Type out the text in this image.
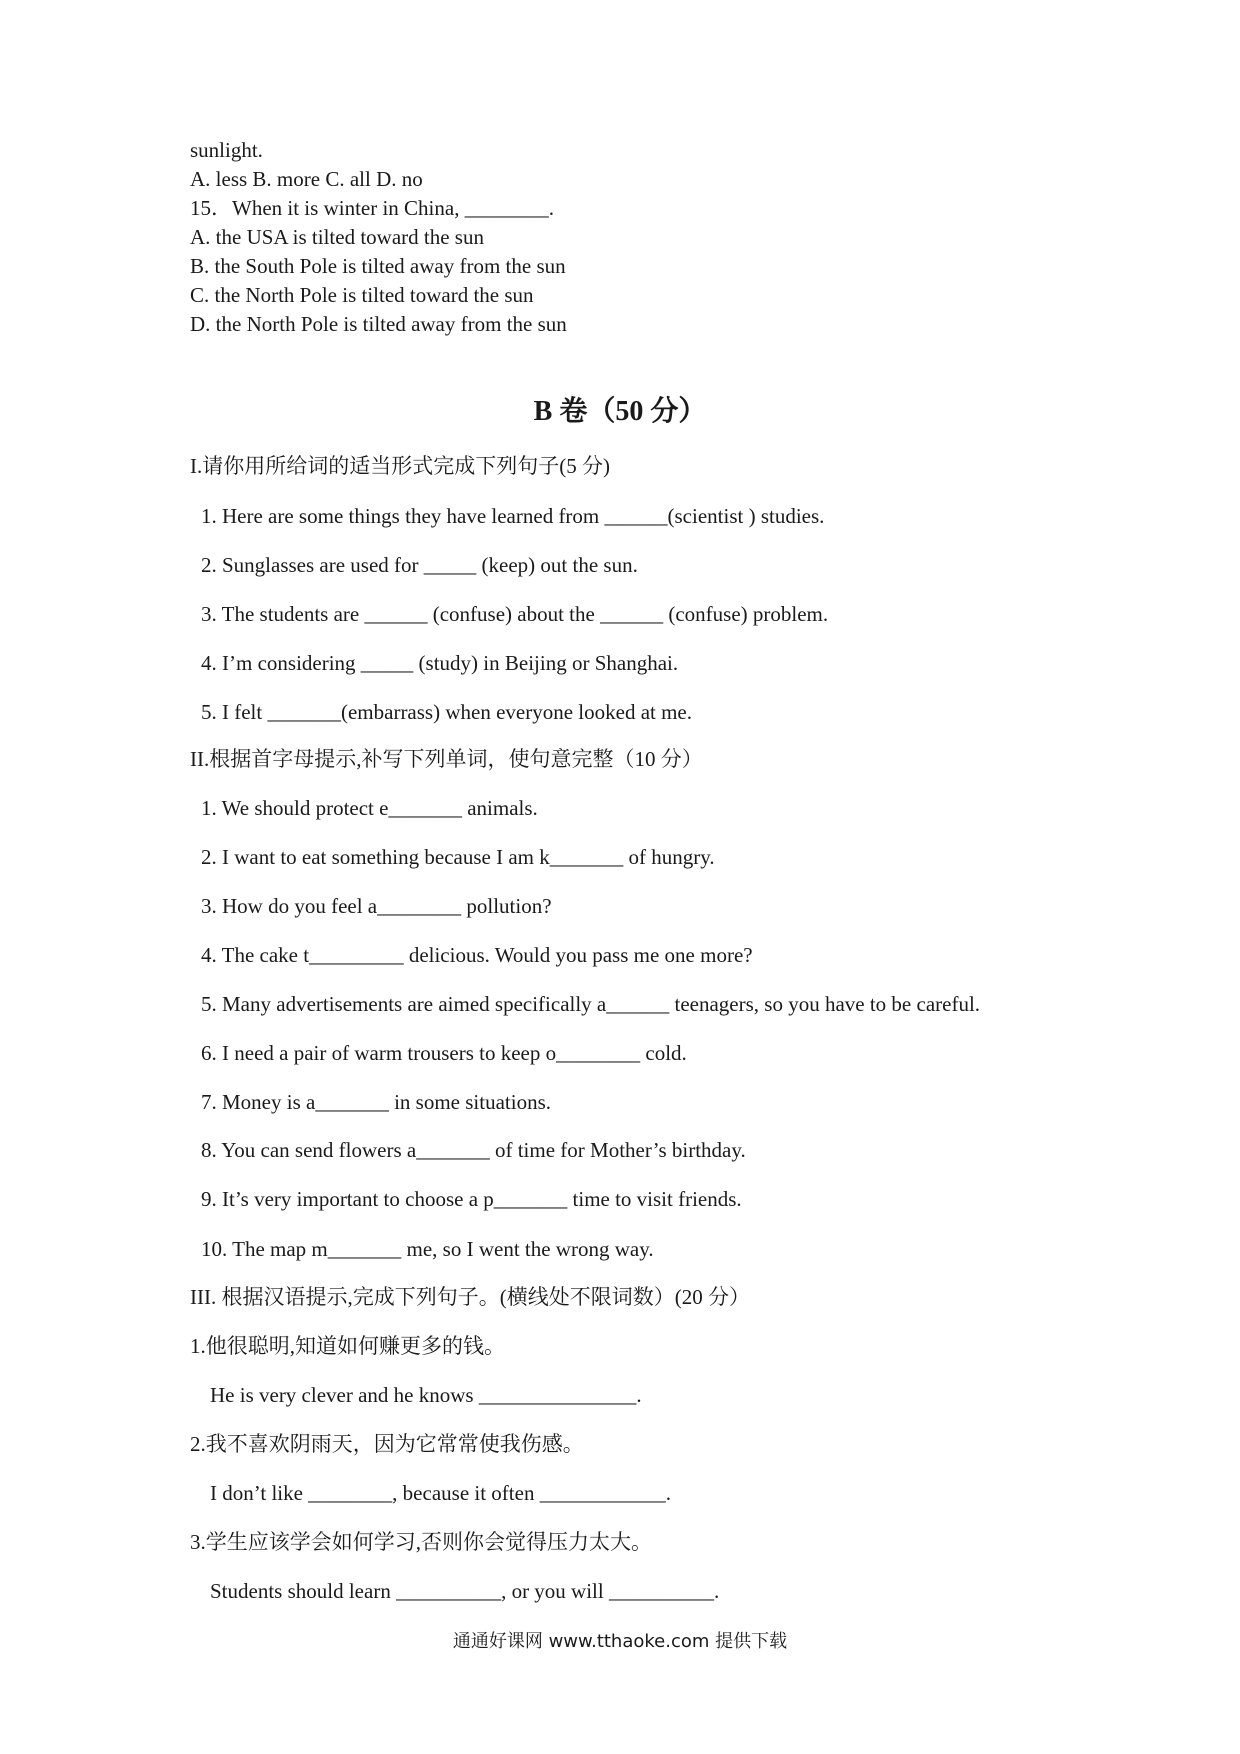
sunlight.
A. less B. more C. all D. no
15．When it is winter in China, ________.
A. the USA is tilted toward the sun
B. the South Pole is tilted away from the sun
C. the North Pole is tilted toward the sun
D. the North Pole is tilted away from the sun
B 卷（50 分）
I.请你用所给词的适当形式完成下列句子(5 分)
1. Here are some things they have learned from ______(scientist ) studies.
2. Sunglasses are used for _____ (keep) out the sun.
3. The students are ______ (confuse) about the ______ (confuse) problem.
4. I’m considering _____ (study) in Beijing or Shanghai.
5. I felt _______(embarrass) when everyone looked at me.
II.根据首字母提示,补写下列单词，使句意完整（10 分）
1. We should protect e_______ animals.
2. I want to eat something because I am k_______ of hungry.
3. How do you feel a________ pollution?
4. The cake t_________ delicious. Would you pass me one more?
5. Many advertisements are aimed specifically a______ teenagers, so you have to be careful.
6. I need a pair of warm trousers to keep o________ cold.
7. Money is a_______ in some situations.
8. You can send flowers a_______ of time for Mother’s birthday.
9. It’s very important to choose a p_______ time to visit friends.
10. The map m_______ me, so I went the wrong way.
III. 根据汉语提示,完成下列句子。(横线处不限词数）(20 分）
1.他很聪明,知道如何赚更多的钱。
He is very clever and he knows _______________.
2.我不喜欢阴雨天，因为它常常使我伤感。
I don’t like ________, because it often ____________.
3.学生应该学会如何学习,否则你会觉得压力太大。
Students should learn __________, or you will __________.
通通好课网 www.tthaoke.com 提供下载
